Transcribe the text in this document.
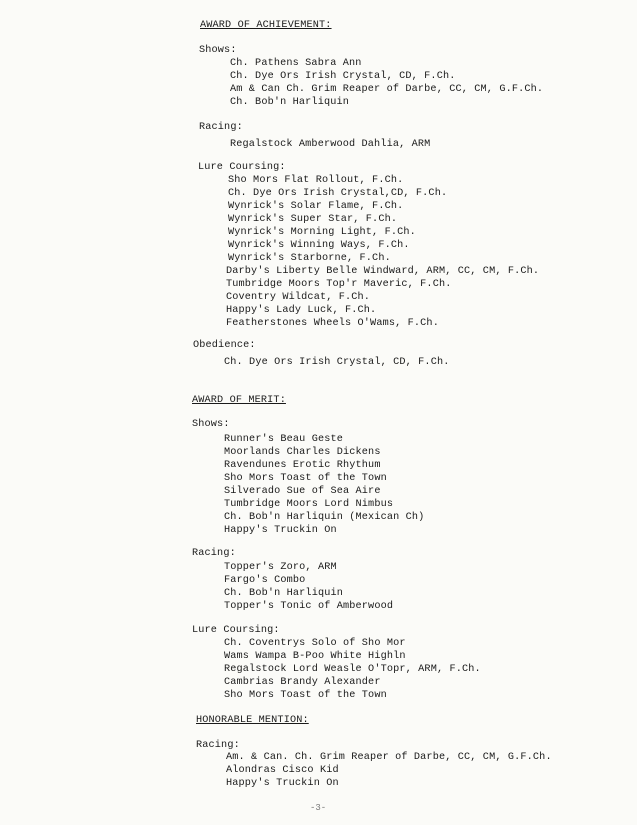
AWARD OF ACHIEVEMENT:
Shows:
Ch. Pathens Sabra Ann
Ch. Dye Ors Irish Crystal, CD, F.Ch.
Am & Can Ch. Grim Reaper of Darbe, CC, CM, G.F.Ch.
Ch. Bob'n Harliquin
Racing:
Regalstock Amberwood Dahlia, ARM
Lure Coursing:
Sho Mors Flat Rollout, F.Ch.
Ch. Dye Ors Irish Crystal,CD, F.Ch.
Wynrick's Solar Flame, F.Ch.
Wynrick's Super Star, F.Ch.
Wynrick's Morning Light, F.Ch.
Wynrick's Winning Ways, F.Ch.
Wynrick's Starborne, F.Ch.
Darby's Liberty Belle Windward, ARM, CC, CM, F.Ch.
Tumbridge Moors Top'r Maveric, F.Ch.
Coventry Wildcat, F.Ch.
Happy's Lady Luck, F.Ch.
Featherstones Wheels O'Wams, F.Ch.
Obedience:
Ch. Dye Ors Irish Crystal, CD, F.Ch.
AWARD OF MERIT:
Shows:
Runner's Beau Geste
Moorlands Charles Dickens
Ravendunes Erotic Rhythum
Sho Mors Toast of the Town
Silverado Sue of Sea Aire
Tumbridge Moors Lord Nimbus
Ch. Bob'n Harliquin (Mexican Ch)
Happy's Truckin On
Racing:
Topper's Zoro, ARM
Fargo's Combo
Ch. Bob'n Harliquin
Topper's Tonic of Amberwood
Lure Coursing:
Ch. Coventrys Solo of Sho Mor
Wams Wampa B-Poo White Highln
Regalstock Lord Weasle O'Topr, ARM, F.Ch.
Cambrias Brandy Alexander
Sho Mors Toast of the Town
HONORABLE MENTION:
Racing:
Am. & Can. Ch. Grim Reaper of Darbe, CC, CM, G.F.Ch.
Alondras Cisco Kid
Happy's Truckin On
-3-
